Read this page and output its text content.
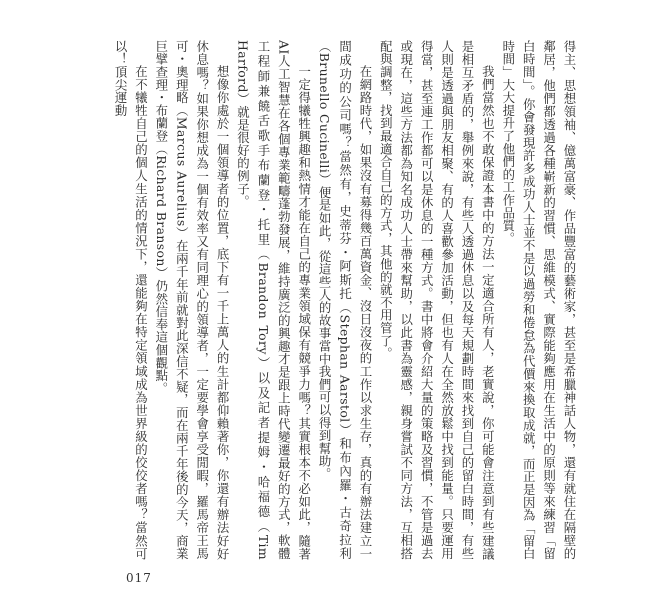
得主、思想領袖、億萬富豪、作品豐富的藝術家，甚至是希臘神話人物，還有就住在隔壁的鄰居，他們都透過各種嶄新的習慣、思維模式、實際能夠應用在生活中的原則等來練習「留白時間」。你會發現許多成功人士並不是以過勞和倦怠為代價來換取成就，而正是因為「留白時間」大大提升了他們的工作品質。

我們當然也不敢保證本書中的方法一定適合所有人，老實說，你可能會注意到有些建議是相互矛盾的，舉例來說，有些人透過休息以及每天規劃時間來找到自己的留白時間，有些人則是透過與朋友相聚、有的人喜歡參加活動，但也有人在全然放鬆中找到能量。只要運用得當，甚至連工作都可以是休息的一種方式。書中將會介紹大量的策略及習慣，不管是過去或現在，這些方法都為知名成功人士帶來幫助，以此書為靈感，親身嘗試不同方法，互相搭配與調整，找到最適合自己的方式，其他的就不用管了。

在網路時代，如果沒有募得幾百萬資金、沒日沒夜的工作以求生存，真的有辦法建立一間成功的公司嗎？當然有，史蒂芬・阿斯托（Stephan Aarstol）和布內羅・古奇拉利（Brunello Cucinelli）便是如此，從這些人的故事當中我們可以得到幫助。

一定得犧牲興趣和熱情才能在自己的專業領域保有競爭力嗎？其實根本不必如此，隨著AI人工智慧在各個專業範疇蓬勃發展，維持廣泛的興趣才是跟上時代變遷最好的方式，軟體工程師兼饒舌歌手布蘭登・托里（Brandon Tory）以及記者提姆・哈福德（Tim Harford）就是很好的例子。

想像你處於一個領導者的位置，底下有一千上萬人的生計都仰賴著你，你還有辦法好好休息嗎？如果你想成為一個有效率又有同理心的領導者，一定要學會享受閒暇，羅馬帝王馬可・奧理略（Marcus Aurelius）在兩千年前就對此深信不疑，而在兩千年後的今天，商業巨擘查理・布蘭登（Richard Branson）仍然信奉這個觀點。

在不犧牲自己的個人生活的情況下，還能夠在特定領域成為世界級的佼佼者嗎？當然可以！頂尖運動

017
